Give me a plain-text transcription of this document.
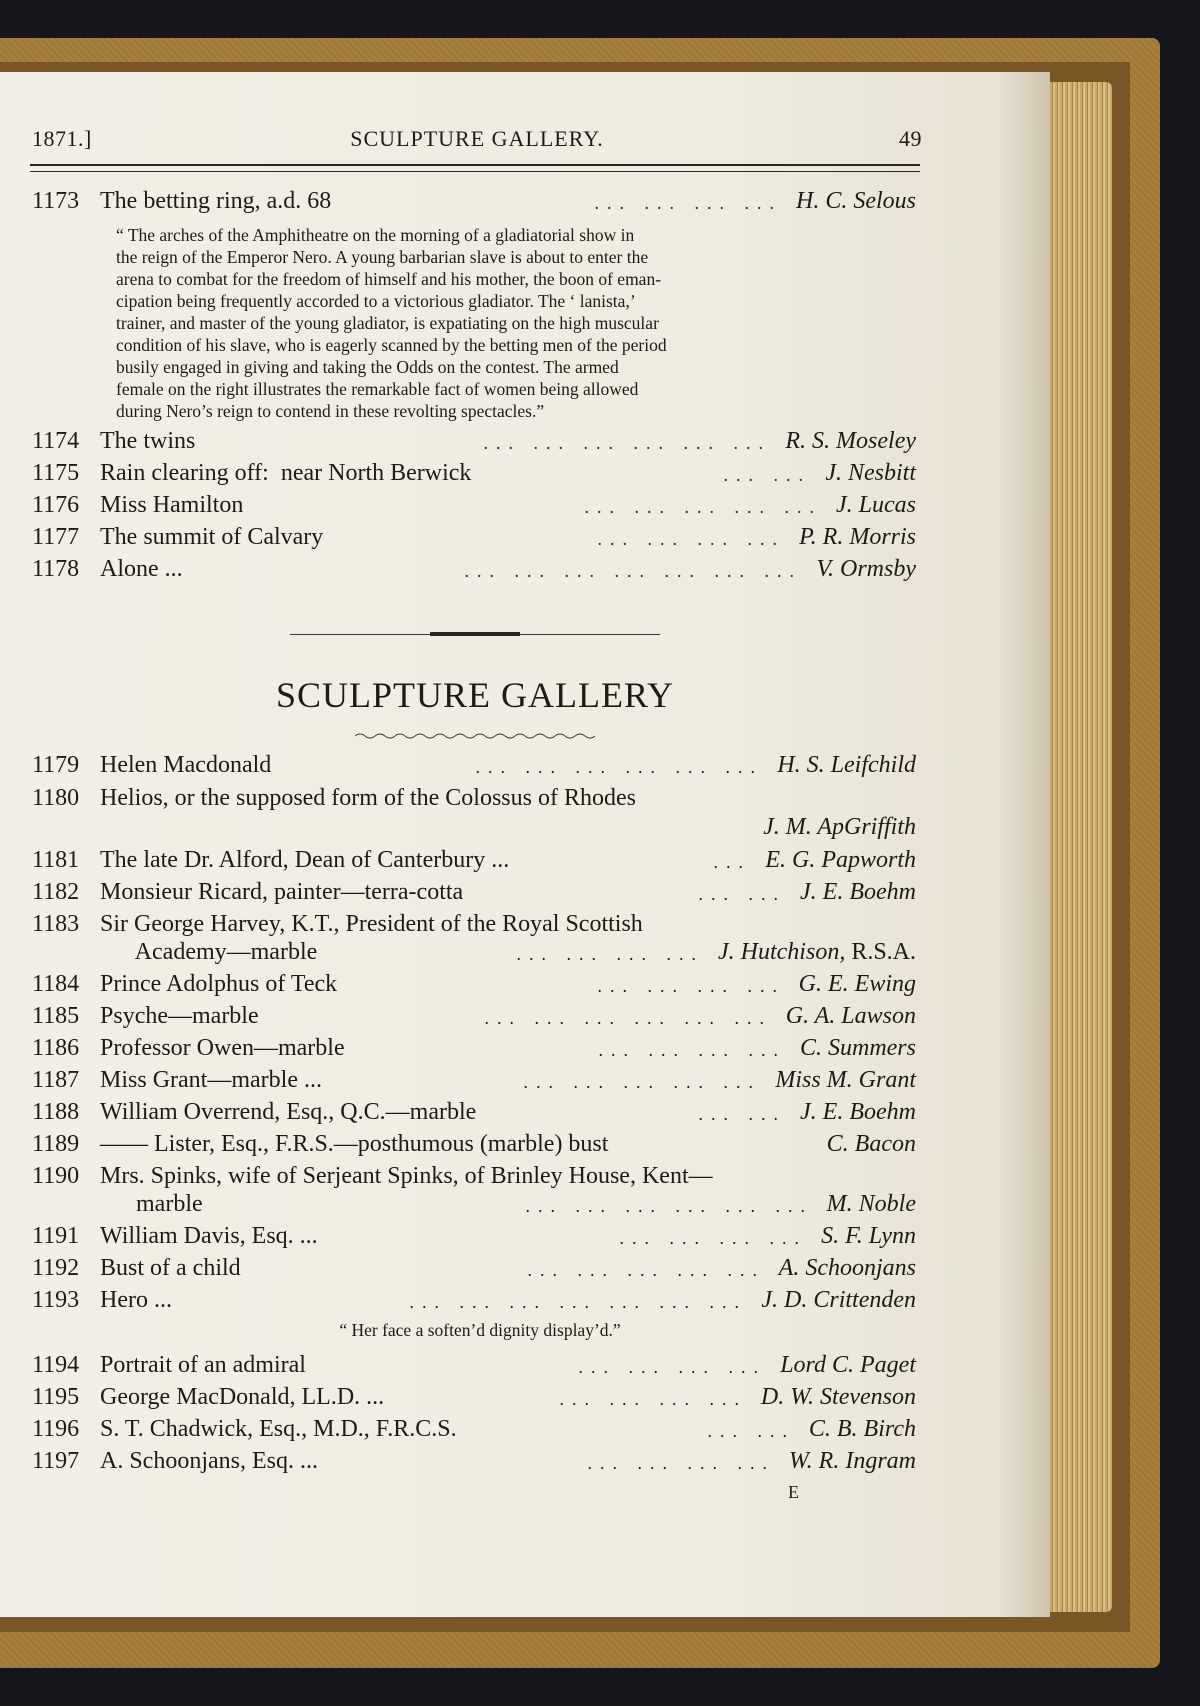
1871.]	SCULPTURE GALLERY.	49
1173 The betting ring, a.d. 68	... ... ... ... H. C. Selous
“ The arches of the Amphitheatre on the morning of a gladiatorial show in
the reign of the Emperor Nero. A young barbarian slave is about to enter the
arena to combat for the freedom of himself and his mother, the boon of eman-
cipation being frequently accorded to a victorious gladiator. The ‘ lanista,’
trainer, and master of the young gladiator, is expatiating on the high muscular
condition of his slave, who is eagerly scanned by the betting men of the period
busily engaged in giving and taking the Odds on the contest. The armed
female on the right illustrates the remarkable fact of women being allowed
during Nero’s reign to contend in these revolting spectacles.”
1174 The twins	... ... ... ... ... ... R. S. Moseley
1175 Rain clearing off:  near North Berwick	... ... J. Nesbitt
1176 Miss Hamilton	... ... ... ... ... J. Lucas
1177 The summit of Calvary	... ... ... ... P. R. Morris
1178 Alone ...	... ... ... ... ... ... ... V. Ormsby
SCULPTURE GALLERY
1179 Helen Macdonald	... ... ... ... ... ... H. S. Leifchild
1180 Helios, or the supposed form of the Colossus of Rhodes
J. M. ApGriffith
1181 The late Dr. Alford, Dean of Canterbury ...	... E. G. Papworth
1182 Monsieur Ricard, painter—terra-cotta	... ... J. E. Boehm
1183 Sir George Harvey, K.T., President of the Royal Scottish
Academy—marble	... ... ... ... J. Hutchison, R.S.A.
1184 Prince Adolphus of Teck	... ... ... ... G. E. Ewing
1185 Psyche—marble	... ... ... ... ... ... G. A. Lawson
1186 Professor Owen—marble	... ... ... ... C. Summers
1187 Miss Grant—marble ...	... ... ... ... ... Miss M. Grant
1188 William Overrend, Esq., Q.C.—marble	... ... J. E. Boehm
1189 —— Lister, Esq., F.R.S.—posthumous (marble) bust	C. Bacon
1190 Mrs. Spinks, wife of Serjeant Spinks, of Brinley House, Kent—
marble	... ... ... ... ... ... M. Noble
1191 William Davis, Esq. ...	... ... ... ... S. F. Lynn
1192 Bust of a child	... ... ... ... ... A. Schoonjans
1193 Hero ...	... ... ... ... ... ... ... J. D. Crittenden
“ Her face a soften’d dignity display’d.”
1194 Portrait of an admiral	... ... ... ... Lord C. Paget
1195 George MacDonald, LL.D. ...	... ... ... ... D. W. Stevenson
1196 S. T. Chadwick, Esq., M.D., F.R.C.S.	... ... C. B. Birch
1197 A. Schoonjans, Esq. ...	... ... ... ... W. R. Ingram
E
